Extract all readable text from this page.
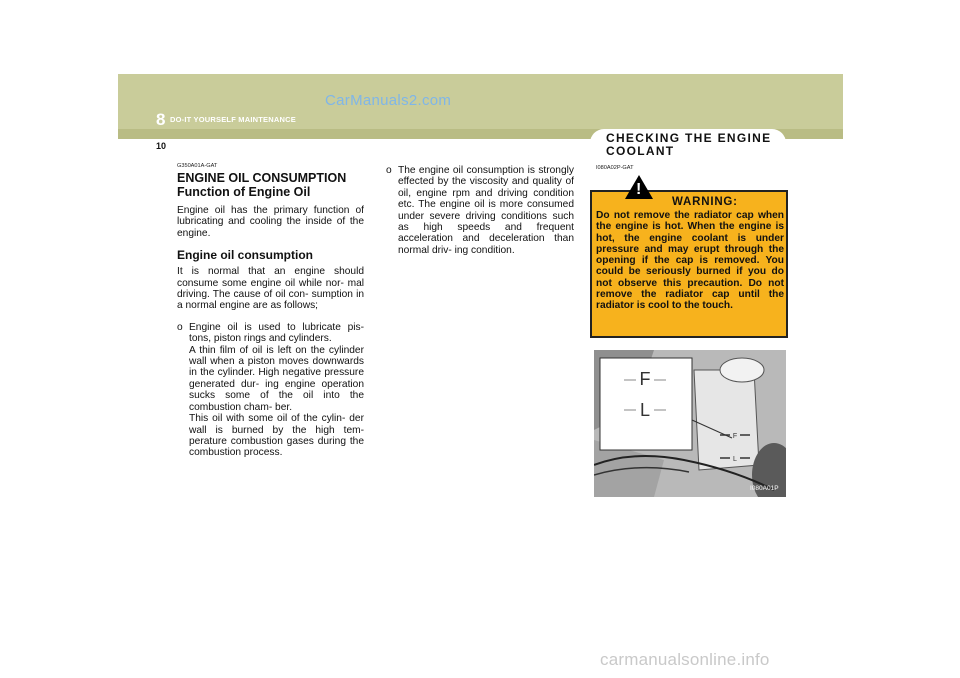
CarManuals2.com
8 DO-IT YOURSELF MAINTENANCE
10
CHECKING THE ENGINE COOLANT
G350A01A-GAT
ENGINE OIL CONSUMPTION
Function of Engine Oil
Engine oil has the primary function of lubricating and cooling the inside of the engine.
Engine oil consumption
It is normal that an engine should consume some engine oil while nor- mal driving. The cause of oil con- sumption in a normal engine are as follows;
o Engine oil is used to lubricate pis- tons, piston rings and cylinders.
A thin film of oil is left on the cylinder wall when a piston moves downwards in the cylinder. High negative pressure generated dur- ing engine operation sucks some of the oil into the combustion cham- ber.
This oil with some oil of the cylin- der wall is burned by the high tem- perature combustion gases during the combustion process.
o The engine oil consumption is strongly effected by the viscosity and quality of oil, engine rpm and driving condition etc. The engine oil is more consumed under severe driving conditions such as high speeds and frequent acceleration and deceleration than normal driv- ing condition.
I080A02P-GAT
!
WARNING:
Do not remove the radiator cap when the engine is hot. When the engine is hot, the engine coolant is under pressure and may erupt through the opening if the cap is removed. You could be seriously burned if you do not observe this precaution. Do not remove the radiator cap until the radiator is cool to the touch.
F
L
F
L
I080A01P
carmanualsonline.info
